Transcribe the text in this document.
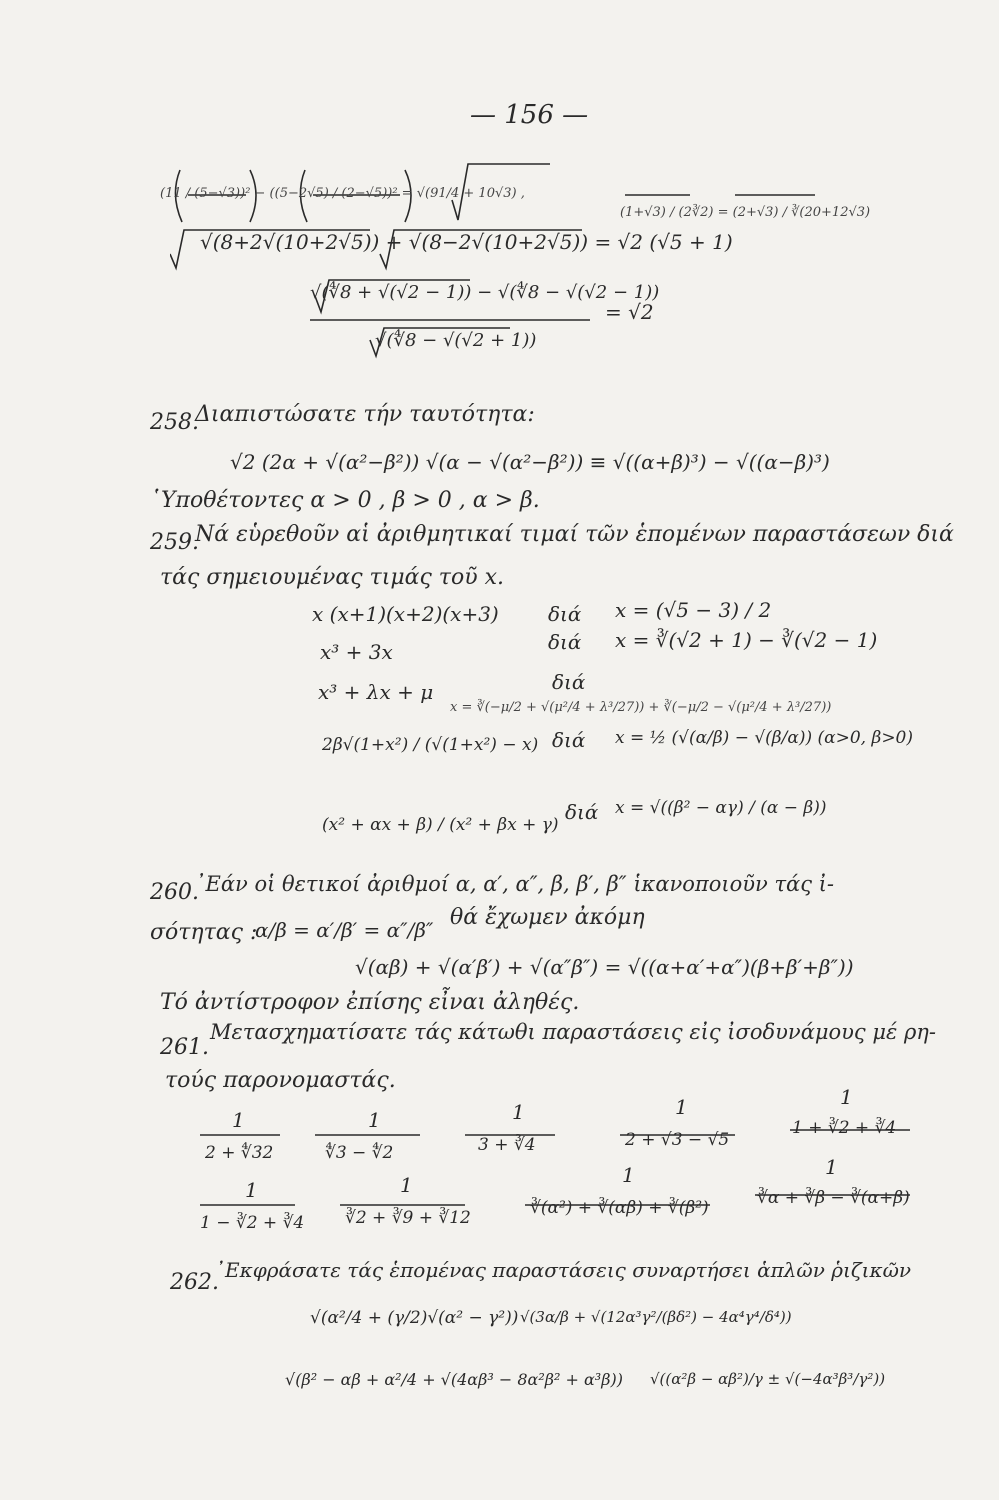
— 156 —
(11 / (5−√3))² − ((5−2√5) / (2−√5))² = √(91/4 + 10√3) ,
(1+√3) / (2∛2) = (2+√3) / ∛(20+12√3)
√(8+2√(10+2√5)) + √(8−2√(10+2√5)) = √2 (√5 + 1)
√(∜8 + √(√2 − 1)) − √(∜8 − √(√2 − 1))
√(∜8 − √(√2 + 1))
= √2
258.
Διαπιστώσατε τήν ταυτότητα:
√2 (2α + √(α²−β²)) √(α − √(α²−β²)) ≡ √((α+β)³) − √((α−β)³)
῾Υποθέτοντες α > 0 , β > 0 , α > β.
259.
Νά εὑρεθοῦν αἱ ἀριθμητικαί τιμαί τῶν ἑπομένων παραστάσεων διά
τάς σημειουμένας τιμάς τοῦ x.
x (x+1)(x+2)(x+3) διά x = (√5 − 3) / 2
x³ + 3x	διά x = ∛(√2 + 1) − ∛(√2 − 1)
x³ + λx + μ	διά
x = ∛(−μ/2 + √(μ²/4 + λ³/27)) + ∛(−μ/2 − √(μ²/4 + λ³/27))
2β√(1+x²) / (√(1+x²) − x) διά x = ½ (√(α/β) − √(β/α)) (α>0, β>0)
(x² + αx + β) / (x² + βx + γ)
διά x = √((β² − αγ) / (α − β))
260.
᾿Εάν οἱ θετικοί ἀριθμοί α, α′, α″, β, β′, β″ ἱκανοποιοῦν τάς ἰ-
σότητας :
α/β = α′/β′ = α″/β″ θά ἔχωμεν ἀκόμη
√(αβ) + √(α′β′) + √(α″β″) = √((α+α′+α″)(β+β′+β″))
Τό ἀντίστροφον ἐπίσης εἶναι ἀληθές.
261.
Μετασχηματίσατε τάς κάτωθι παραστάσεις εἰς ἰσοδυνάμους μέ ρη-
τούς παρονομαστάς.
1
2 + ∜32
1
∜3 − ∜2
1
3 + ∛4
1
2 + √3 − √5
1
1 + ∛2 + ∛4
1
1 − ∛2 + ∛4
1
∛2 + ∛9 + ∛12
1
∛(α²) + ∛(αβ) + ∛(β²)
1
∛α + ∛β − ∛(α+β)
262.
᾿Εκφράσατε τάς ἑπομένας παραστάσεις συναρτήσει ἁπλῶν ῥιζικῶν
√(α²/4 + (γ/2)√(α² − γ²)) √(3α/β + √(12α³γ²/(βδ²) − 4α⁴γ⁴/δ⁴))
√(β² − αβ + α²/4 + √(4αβ³ − 8α²β² + α³β)) √((α²β − αβ²)/γ ± √(−4α³β³/γ²))
